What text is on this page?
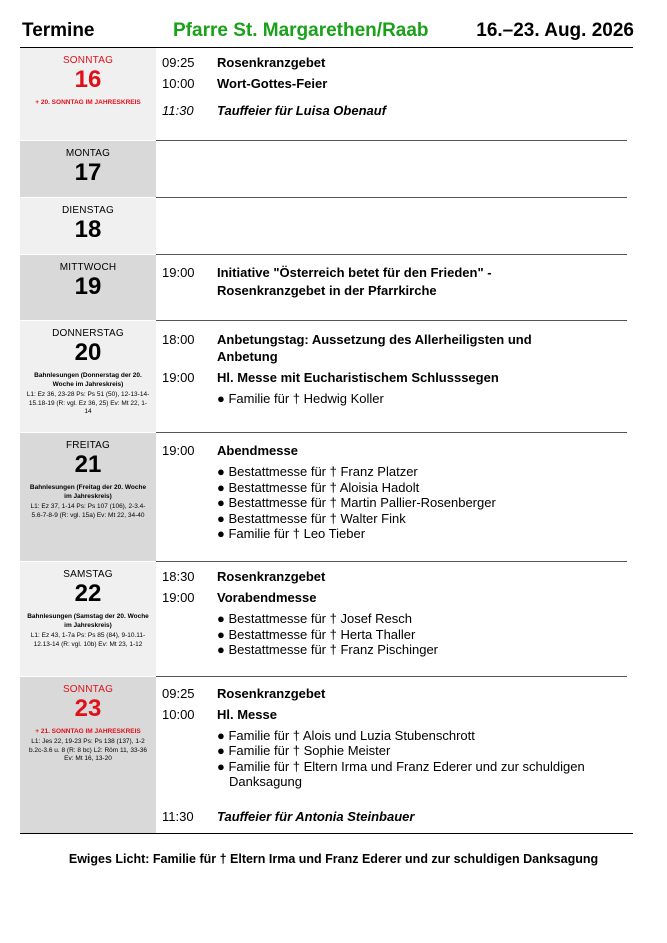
Termine	Pfarre St. Margarethen/Raab	16.–23. Aug. 2026
SONNTAG
16
+ 20. SONNTAG IM JAHRESKREIS
09:25 Rosenkranzgebet
10:00 Wort-Gottes-Feier
11:30 Tauffeier für Luisa Obenauf
MONTAG
17
DIENSTAG
18
MITTWOCH
19
19:00 Initiative "Österreich betet für den Frieden" -
Rosenkranzgebet in der Pfarrkirche
DONNERSTAG
20
Bahnlesungen (Donnerstag der 20. Woche im Jahreskreis)
L1: Ez 36, 23-28 Ps: Ps 51 (50), 12-13-14-15.18-19 (R: vgl. Ez 36, 25) Ev: Mt 22, 1-14
18:00 Anbetungstag: Aussetzung des Allerheiligsten und
Anbetung
19:00 Hl. Messe mit Eucharistischem Schlusssegen
● Familie für † Hedwig Koller
FREITAG
21
Bahnlesungen (Freitag der 20. Woche im Jahreskreis)
L1: Ez 37, 1-14 Ps: Ps 107 (106), 2-3.4-5.6-7-8-9 (R: vgl. 15a) Ev: Mt 22, 34-40
19:00 Abendmesse
● Bestattmesse für † Franz Platzer
● Bestattmesse für † Aloisia Hadolt
● Bestattmesse für † Martin Pallier-Rosenberger
● Bestattmesse für † Walter Fink
● Familie für † Leo Tieber
SAMSTAG
22
Bahnlesungen (Samstag der 20. Woche im Jahreskreis)
L1: Ez 43, 1-7a Ps: Ps 85 (84), 9-10.11-12.13-14 (R: vgl. 10b) Ev: Mt 23, 1-12
18:30 Rosenkranzgebet
19:00 Vorabendmesse
● Bestattmesse für † Josef Resch
● Bestattmesse für † Herta Thaller
● Bestattmesse für † Franz Pischinger
SONNTAG
23
+ 21. SONNTAG IM JAHRESKREIS
L1: Jes 22, 19-23 Ps: Ps 138 (137), 1-2 b.2c-3.6 u. 8 (R: 8 bc) L2: Röm 11, 33-36 Ev: Mt 16, 13-20
09:25 Rosenkranzgebet
10:00 Hl. Messe
● Familie für † Alois und Luzia Stubenschrott
● Familie für † Sophie Meister
● Familie für † Eltern Irma und Franz Ederer und zur schuldigen
Danksagung
11:30 Tauffeier für Antonia Steinbauer
Ewiges Licht: Familie für † Eltern Irma und Franz Ederer und zur schuldigen Danksagung
